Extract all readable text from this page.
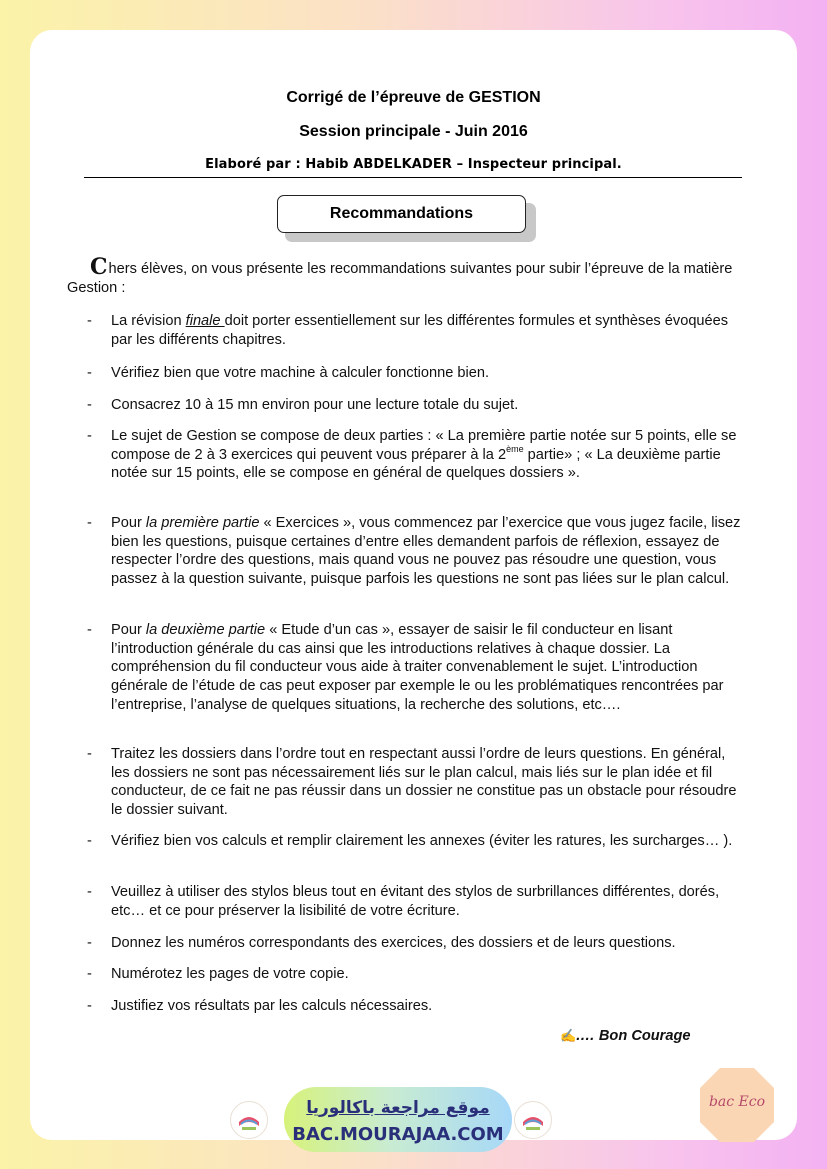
Corrigé de l’épreuve de GESTION
Session principale - Juin 2016
Elaboré par : Habib ABDELKADER – Inspecteur principal.
Recommandations
Chers élèves, on vous présente les recommandations suivantes pour subir l’épreuve de la matière Gestion :
- La révision finale doit porter essentiellement sur les différentes formules et synthèses évoquées par les différents chapitres.
- Vérifiez bien que votre machine à calculer fonctionne bien.
- Consacrez 10 à 15 mn environ pour une lecture totale du sujet.
- Le sujet de Gestion se compose de deux parties : « La première partie notée sur 5 points, elle se compose de 2 à 3 exercices qui peuvent vous préparer à la 2ème partie» ; « La deuxième partie notée sur 15 points, elle se compose en général de quelques dossiers ».
- Pour la première partie « Exercices », vous commencez par l’exercice que vous jugez facile, lisez bien les questions, puisque certaines d’entre elles demandent parfois de réflexion, essayez de respecter l’ordre des questions, mais quand vous ne pouvez pas résoudre une question, vous passez à la question suivante, puisque parfois les questions ne sont pas liées sur le plan calcul.
- Pour la deuxième partie « Etude d’un cas », essayer de saisir le fil conducteur en lisant l’introduction générale du cas ainsi que les introductions relatives à chaque dossier. La compréhension du fil conducteur vous aide à traiter convenablement le sujet. L’introduction générale de l’étude de cas peut exposer par exemple le ou les problématiques rencontrées par l’entreprise, l’analyse de quelques situations, la recherche des solutions, etc….
- Traitez les dossiers dans l’ordre tout en respectant aussi l’ordre de leurs questions. En général, les dossiers ne sont pas nécessairement liés sur le plan calcul, mais liés sur le plan idée et fil conducteur, de ce fait ne pas réussir dans un dossier ne constitue pas un obstacle pour résoudre le dossier suivant.
- Vérifiez bien vos calculs et remplir clairement les annexes (éviter les ratures, les surcharges… ).
- Veuillez à utiliser des stylos bleus tout en évitant des stylos de surbrillances différentes, dorés, etc… et ce pour préserver la lisibilité de votre écriture.
- Donnez les numéros correspondants des exercices, des dossiers et de leurs questions.
- Numérotez les pages de votre copie.
- Justifiez vos résultats par les calculs nécessaires.
✍.… Bon Courage
موقع مراجعة باكالوريا
BAC.MOURAJAA.COM
bac Eco
